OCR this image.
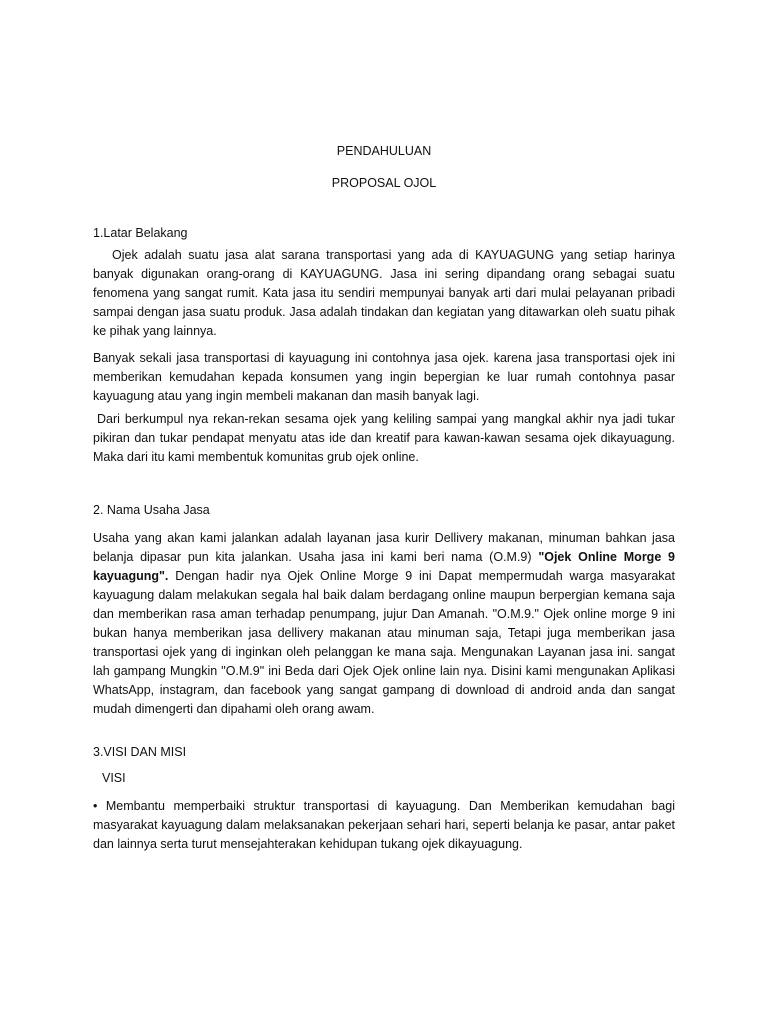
PENDAHULUAN
PROPOSAL OJOL
1.Latar Belakang
Ojek adalah suatu jasa alat sarana transportasi yang ada di KAYUAGUNG yang setiap harinya banyak digunakan orang-orang di KAYUAGUNG. Jasa ini sering dipandang orang sebagai suatu fenomena yang sangat rumit. Kata jasa itu sendiri mempunyai banyak arti dari mulai pelayanan pribadi sampai dengan jasa suatu produk. Jasa adalah tindakan dan kegiatan yang ditawarkan oleh suatu pihak ke pihak yang lainnya.
Banyak sekali jasa transportasi di kayuagung ini contohnya jasa ojek. karena jasa transportasi ojek ini memberikan kemudahan kepada konsumen yang ingin bepergian ke luar rumah contohnya pasar kayuagung atau yang ingin membeli makanan dan masih banyak lagi.
Dari berkumpul nya rekan-rekan sesama ojek yang keliling sampai yang mangkal akhir nya jadi tukar pikiran dan tukar pendapat menyatu atas ide dan kreatif para kawan-kawan sesama ojek dikayuagung. Maka dari itu kami membentuk komunitas grub ojek online.
2. Nama Usaha Jasa
Usaha yang akan kami jalankan adalah layanan jasa kurir Dellivery makanan, minuman bahkan jasa belanja dipasar pun kita jalankan. Usaha jasa ini kami beri nama (O.M.9) "Ojek Online Morge 9 kayuagung". Dengan hadir nya Ojek Online Morge 9 ini Dapat mempermudah warga masyarakat kayuagung dalam melakukan segala hal baik dalam berdagang online maupun berpergian kemana saja dan memberikan rasa aman terhadap penumpang, jujur Dan Amanah. "O.M.9." Ojek online morge 9 ini bukan hanya memberikan jasa dellivery makanan atau minuman saja, Tetapi juga memberikan jasa transportasi ojek yang di inginkan oleh pelanggan ke mana saja. Mengunakan Layanan jasa ini. sangat lah gampang Mungkin "O.M.9" ini Beda dari Ojek Ojek online lain nya. Disini kami mengunakan Aplikasi WhatsApp, instagram, dan facebook yang sangat gampang di download di android anda dan sangat mudah dimengerti dan dipahami oleh orang awam.
3.VISI DAN MISI
VISI
• Membantu memperbaiki struktur transportasi di kayuagung. Dan Memberikan kemudahan bagi masyarakat kayuagung dalam melaksanakan pekerjaan sehari hari, seperti belanja ke pasar, antar paket dan lainnya serta turut mensejahterakan kehidupan tukang ojek dikayuagung.
